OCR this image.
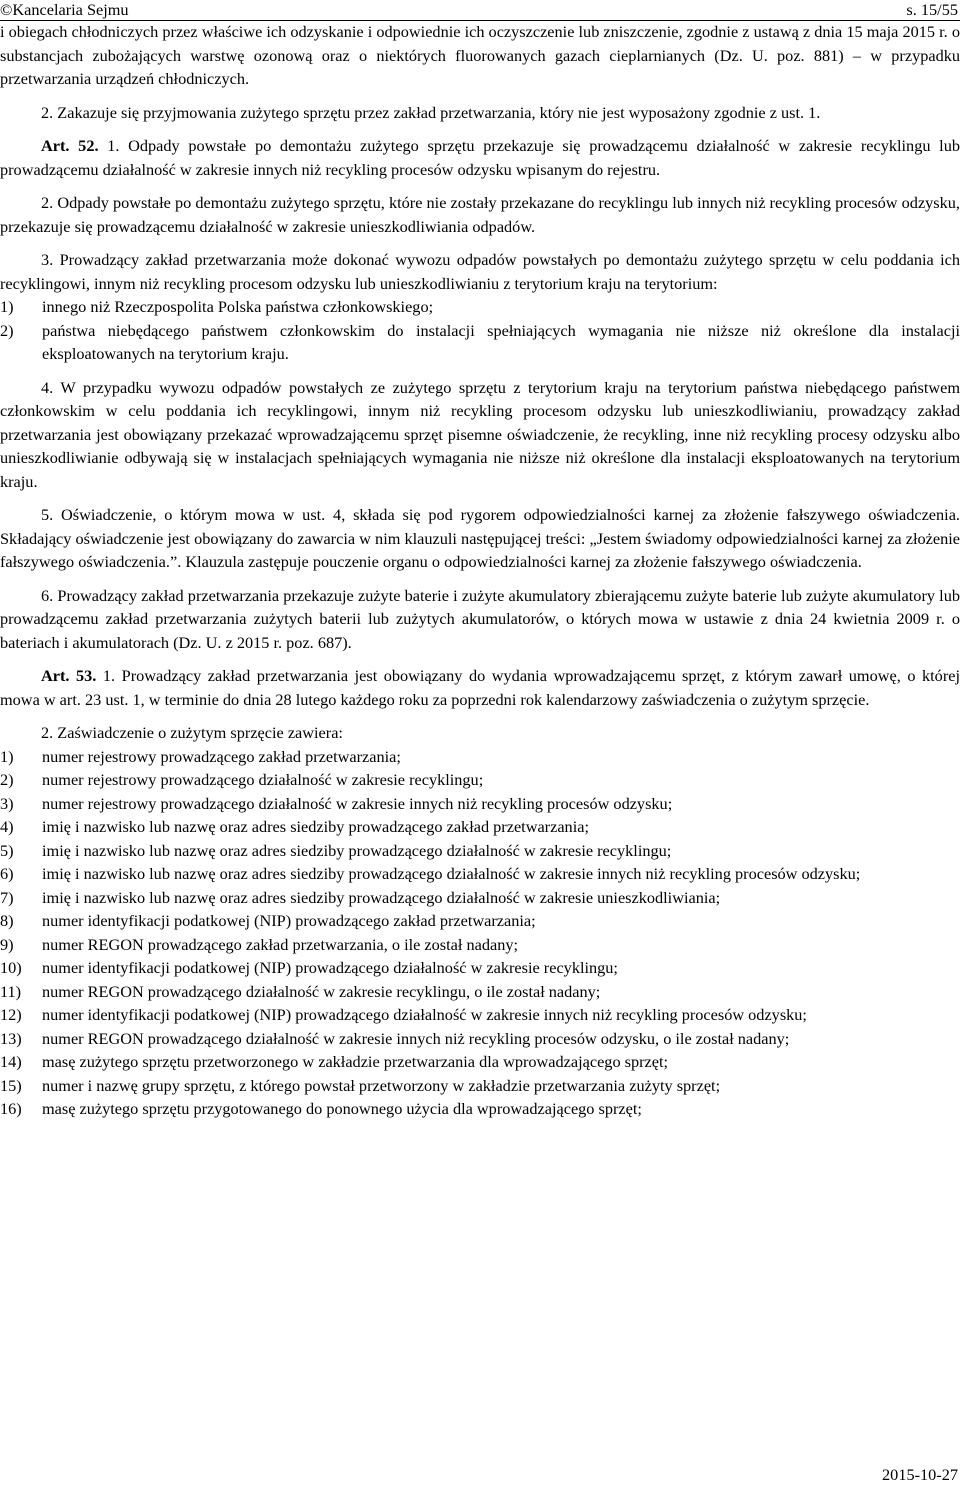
©Kancelaria Sejmu	s. 15/55

i obiegach chłodniczych przez właściwe ich odzyskanie i odpowiednie ich oczyszczenie lub zniszczenie, zgodnie z ustawą z dnia 15 maja 2015 r. o substancjach zubożających warstwę ozonową oraz o niektórych fluorowanych gazach cieplarnianych (Dz. U. poz. 881) – w przypadku przetwarzania urządzeń chłodniczych.

2. Zakazuje się przyjmowania zużytego sprzętu przez zakład przetwarzania, który nie jest wyposażony zgodnie z ust. 1.

Art. 52. 1. Odpady powstałe po demontażu zużytego sprzętu przekazuje się prowadzącemu działalność w zakresie recyklingu lub prowadzącemu działalność w zakresie innych niż recykling procesów odzysku wpisanym do rejestru.

2. Odpady powstałe po demontażu zużytego sprzętu, które nie zostały przekazane do recyklingu lub innych niż recykling procesów odzysku, przekazuje się prowadzącemu działalność w zakresie unieszkodliwiania odpadów.

3. Prowadzący zakład przetwarzania może dokonać wywozu odpadów powstałych po demontażu zużytego sprzętu w celu poddania ich recyklingowi, innym niż recykling procesom odzysku lub unieszkodliwianiu z terytorium kraju na terytorium:

1)	innego niż Rzeczpospolita Polska państwa członkowskiego;
2)	państwa niebędącego państwem członkowskim do instalacji spełniających wymagania nie niższe niż określone dla instalacji eksploatowanych na terytorium kraju.

4. W przypadku wywozu odpadów powstałych ze zużytego sprzętu z terytorium kraju na terytorium państwa niebędącego państwem członkowskim w celu poddania ich recyklingowi, innym niż recykling procesom odzysku lub unieszkodliwianiu, prowadzący zakład przetwarzania jest obowiązany przekazać wprowadzającemu sprzęt pisemne oświadczenie, że recykling, inne niż recykling procesy odzysku albo unieszkodliwianie odbywają się w instalacjach spełniających wymagania nie niższe niż określone dla instalacji eksploatowanych na terytorium kraju.

5. Oświadczenie, o którym mowa w ust. 4, składa się pod rygorem odpowiedzialności karnej za złożenie fałszywego oświadczenia. Składający oświadczenie jest obowiązany do zawarcia w nim klauzuli następującej treści: „Jestem świadomy odpowiedzialności karnej za złożenie fałszywego oświadczenia.”. Klauzula zastępuje pouczenie organu o odpowiedzialności karnej za złożenie fałszywego oświadczenia.

6. Prowadzący zakład przetwarzania przekazuje zużyte baterie i zużyte akumulatory zbierającemu zużyte baterie lub zużyte akumulatory lub prowadzącemu zakład przetwarzania zużytych baterii lub zużytych akumulatorów, o których mowa w ustawie z dnia 24 kwietnia 2009 r. o bateriach i akumulatorach (Dz. U. z 2015 r. poz. 687).

Art. 53. 1. Prowadzący zakład przetwarzania jest obowiązany do wydania wprowadzającemu sprzęt, z którym zawarł umowę, o której mowa w art. 23 ust. 1, w terminie do dnia 28 lutego każdego roku za poprzedni rok kalendarzowy zaświadczenia o zużytym sprzęcie.

2. Zaświadczenie o zużytym sprzęcie zawiera:

1)	numer rejestrowy prowadzącego zakład przetwarzania;
2)	numer rejestrowy prowadzącego działalność w zakresie recyklingu;
3)	numer rejestrowy prowadzącego działalność w zakresie innych niż recykling procesów odzysku;
4)	imię i nazwisko lub nazwę oraz adres siedziby prowadzącego zakład przetwarzania;
5)	imię i nazwisko lub nazwę oraz adres siedziby prowadzącego działalność w zakresie recyklingu;
6)	imię i nazwisko lub nazwę oraz adres siedziby prowadzącego działalność w zakresie innych niż recykling procesów odzysku;
7)	imię i nazwisko lub nazwę oraz adres siedziby prowadzącego działalność w zakresie unieszkodliwiania;
8)	numer identyfikacji podatkowej (NIP) prowadzącego zakład przetwarzania;
9)	numer REGON prowadzącego zakład przetwarzania, o ile został nadany;
10)	numer identyfikacji podatkowej (NIP) prowadzącego działalność w zakresie recyklingu;
11)	numer REGON prowadzącego działalność w zakresie recyklingu, o ile został nadany;
12)	numer identyfikacji podatkowej (NIP) prowadzącego działalność w zakresie innych niż recykling procesów odzysku;
13)	numer REGON prowadzącego działalność w zakresie innych niż recykling procesów odzysku, o ile został nadany;
14)	masę zużytego sprzętu przetworzonego w zakładzie przetwarzania dla wprowadzającego sprzęt;
15)	numer i nazwę grupy sprzętu, z którego powstał przetworzony w zakładzie przetwarzania zużyty sprzęt;
16)	masę zużytego sprzętu przygotowanego do ponownego użycia dla wprowadzającego sprzęt;
2015-10-27
